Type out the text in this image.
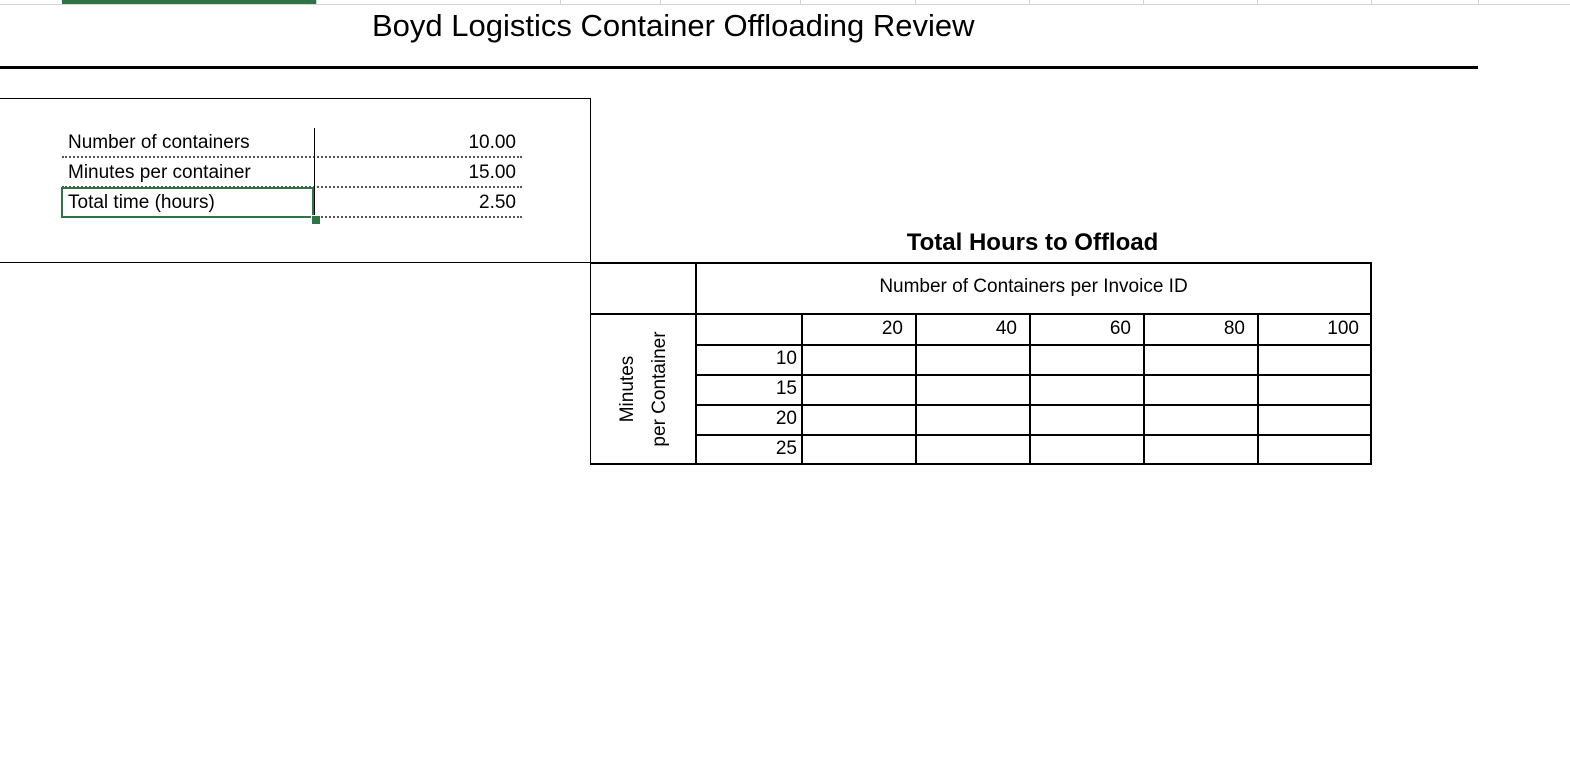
Boyd Logistics Container Offloading Review
Number of containers	10.00
Minutes per container	15.00
Total time (hours)	2.50
Total Hours to Offload
Number of Containers per Invoice ID
Minutes per Container
20	40	60	80	100
10
15
20
25
